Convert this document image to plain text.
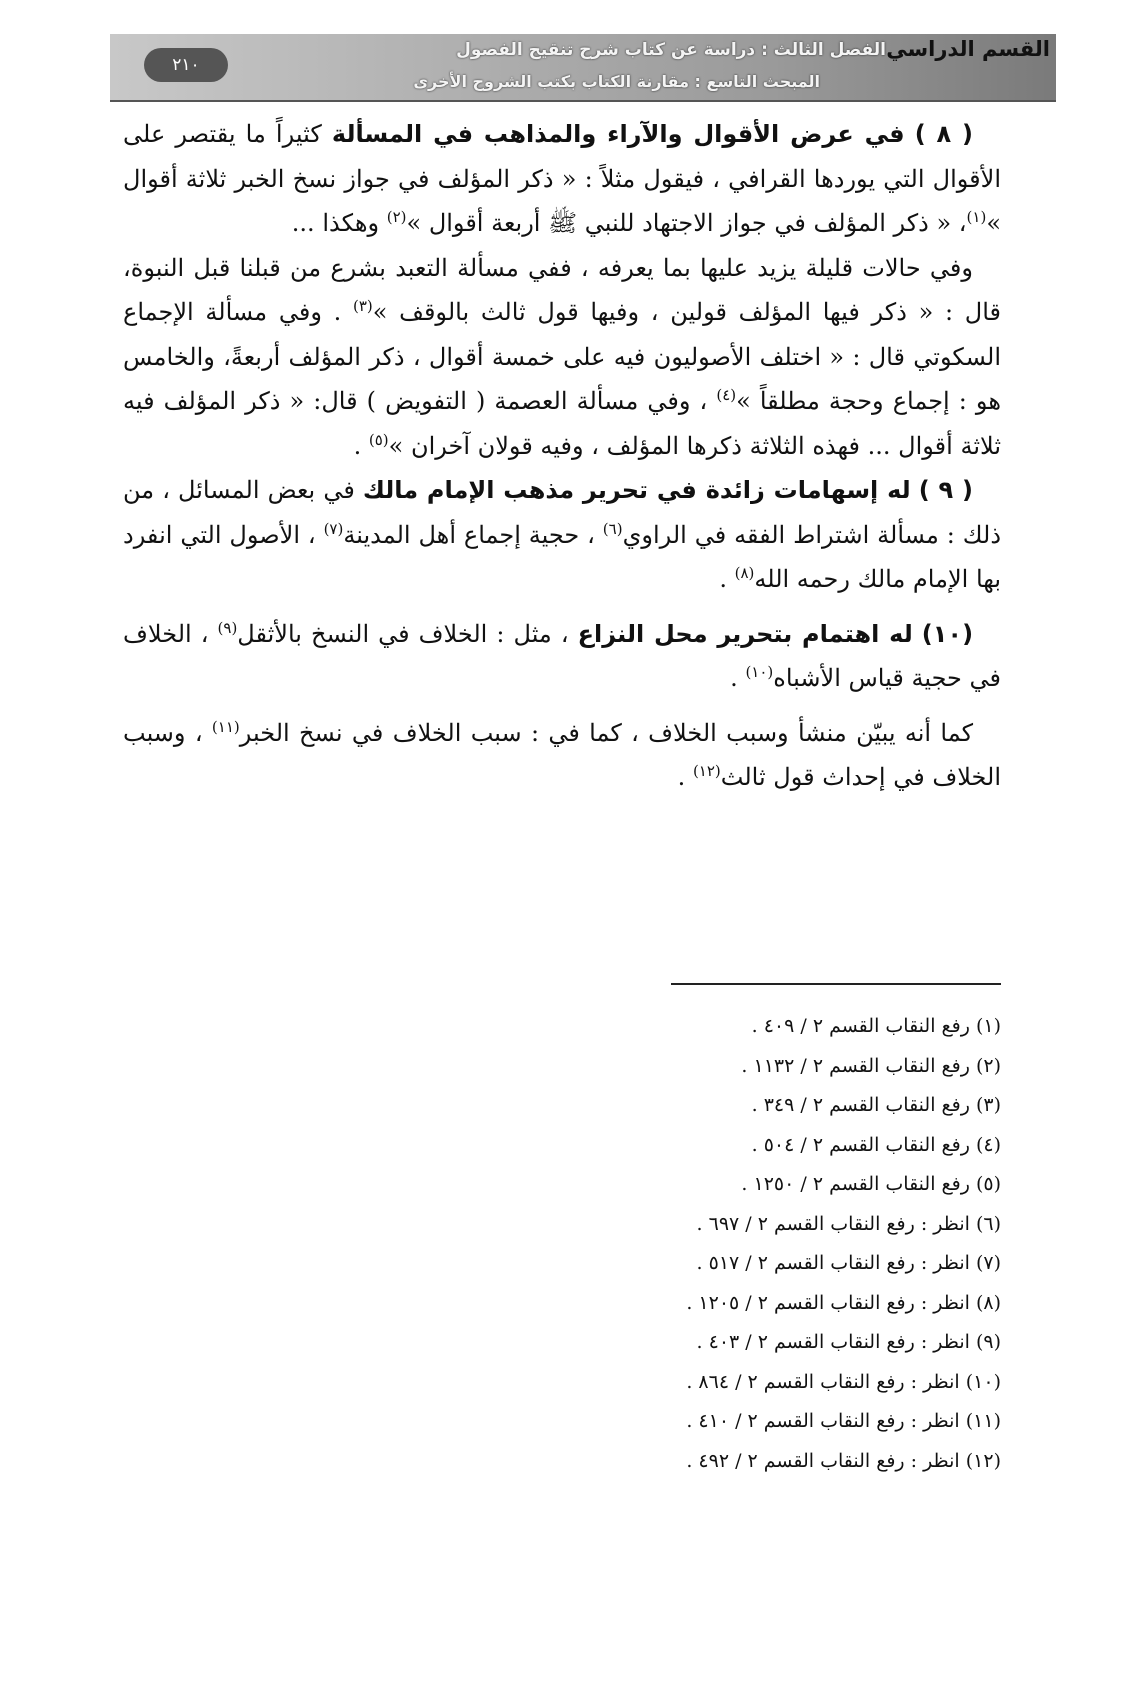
القسم الدراسي
الفصل الثالث : دراسة عن كتاب شرح تنقيح الفصول
المبحث التاسع : مقارنة الكتاب بكتب الشروح الأخرى
٢١٠

( ٨ ) في عرض الأقوال والآراء والمذاهب في المسألة كثيراً ما يقتصر على الأقوال التي يوردها القرافي ، فيقول مثلاً : « ذكر المؤلف في جواز نسخ الخبر ثلاثة أقوال »$^{(١)}$، « ذكر المؤلف في جواز الاجتهاد للنبي ﷺ أربعة أقوال »$^{(٢)}$ وهكذا ...

وفي حالات قليلة يزيد عليها بما يعرفه ، ففي مسألة التعبد بشرع من قبلنا قبل النبوة، قال : « ذكر فيها المؤلف قولين ، وفيها قول ثالث بالوقف »$^{(٣)}$ . وفي مسألة الإجماع السكوتي قال : « اختلف الأصوليون فيه على خمسة أقوال ، ذكر المؤلف أربعةً، والخامس هو : إجماع وحجة مطلقاً »$^{(٤)}$ ، وفي مسألة العصمة ( التفويض ) قال: « ذكر المؤلف فيه ثلاثة أقوال ... فهذه الثلاثة ذكرها المؤلف ، وفيه قولان آخران »$^{(٥)}$ .

( ٩ ) له إسهامات زائدة في تحرير مذهب الإمام مالك في بعض المسائل ، من ذلك : مسألة اشتراط الفقه في الراوي$^{(٦)}$ ، حجية إجماع أهل المدينة$^{(٧)}$ ، الأصول التي انفرد بها الإمام مالك رحمه الله$^{(٨)}$ .

(١٠) له اهتمام بتحرير محل النزاع ، مثل : الخلاف في النسخ بالأثقل$^{(٩)}$ ، الخلاف في حجية قياس الأشباه$^{(١٠)}$ .

كما أنه يبيّن منشأ وسبب الخلاف ، كما في : سبب الخلاف في نسخ الخبر$^{(١١)}$ ، وسبب الخلاف في إحداث قول ثالث$^{(١٢)}$ .

(١) رفع النقاب القسم ٢ / ٤٠٩ .
(٢) رفع النقاب القسم ٢ / ١١٣٢ .
(٣) رفع النقاب القسم ٢ / ٣٤٩ .
(٤) رفع النقاب القسم ٢ / ٥٠٤ .
(٥) رفع النقاب القسم ٢ / ١٢٥٠ .
(٦) انظر : رفع النقاب القسم ٢ / ٦٩٧ .
(٧) انظر : رفع النقاب القسم ٢ / ٥١٧ .
(٨) انظر : رفع النقاب القسم ٢ / ١٢٠٥ .
(٩) انظر : رفع النقاب القسم ٢ / ٤٠٣ .
(١٠) انظر : رفع النقاب القسم ٢ / ٨٦٤ .
(١١) انظر : رفع النقاب القسم ٢ / ٤١٠ .
(١٢) انظر : رفع النقاب القسم ٢ / ٤٩٢ .
